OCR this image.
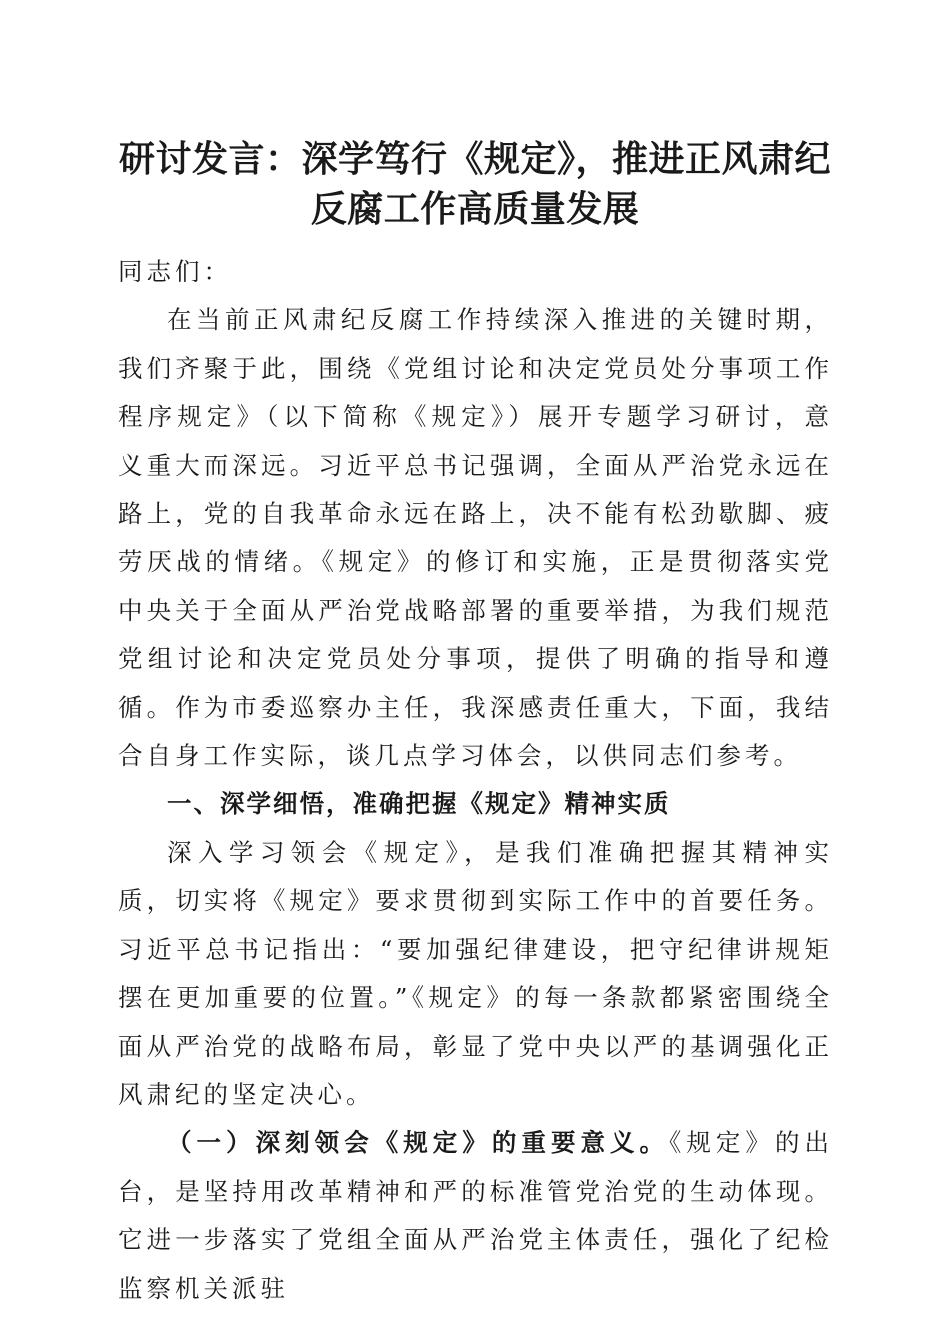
研讨发言：深学笃行《规定》，推进正风肃纪
反腐工作高质量发展

同志们：

在当前正风肃纪反腐工作持续深入推进的关键时期，我们齐聚于此，围绕《党组讨论和决定党员处分事项工作程序规定》（以下简称《规定》）展开专题学习研讨，意义重大而深远。习近平总书记强调，全面从严治党永远在路上，党的自我革命永远在路上，决不能有松劲歇脚、疲劳厌战的情绪。《规定》的修订和实施，正是贯彻落实党中央关于全面从严治党战略部署的重要举措，为我们规范党组讨论和决定党员处分事项，提供了明确的指导和遵循。作为市委巡察办主任，我深感责任重大，下面，我结合自身工作实际，谈几点学习体会，以供同志们参考。

一、深学细悟，准确把握《规定》精神实质

深入学习领会《规定》，是我们准确把握其精神实质，切实将《规定》要求贯彻到实际工作中的首要任务。习近平总书记指出：“要加强纪律建设，把守纪律讲规矩摆在更加重要的位置。”《规定》的每一条款都紧密围绕全面从严治党的战略布局，彰显了党中央以严的基调强化正风肃纪的坚定决心。

（一）深刻领会《规定》的重要意义。《规定》的出台，是坚持用改革精神和严的标准管党治党的生动体现。它进一步落实了党组全面从严治党主体责任，强化了纪检监察机关派驻
